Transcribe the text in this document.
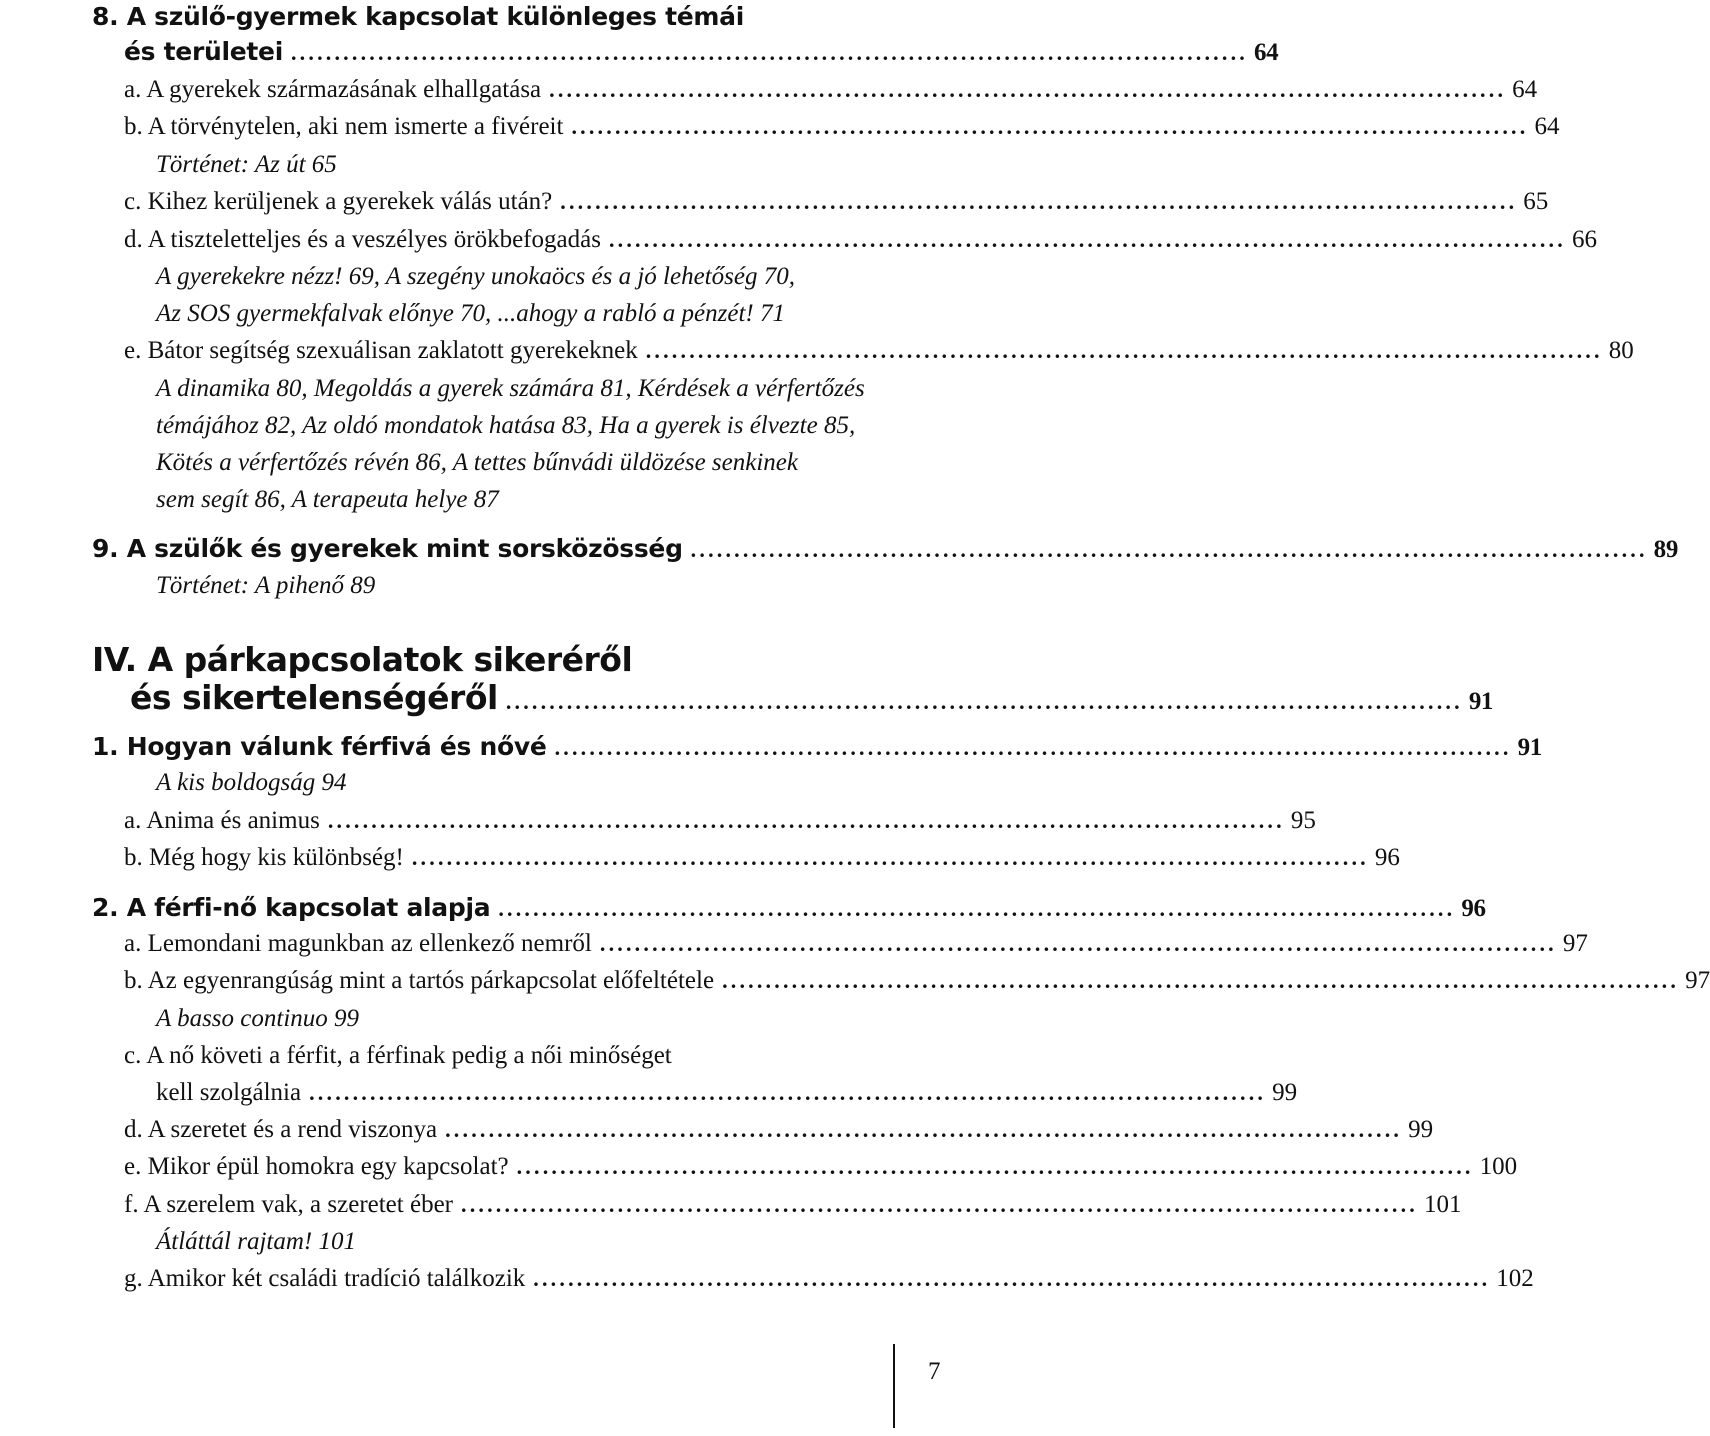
8. A szülő-gyermek kapcsolat különleges témái
és területei .............................................................................................................. 64
a. A gyerekek származásának elhallgatása .............................................................................................................. 64
b. A törvénytelen, aki nem ismerte a fivéreit .............................................................................................................. 64
Történet: Az út 65
c. Kihez kerüljenek a gyerekek válás után? .............................................................................................................. 65
d. A tiszteletteljes és a veszélyes örökbefogadás .............................................................................................................. 66
A gyerekekre nézz! 69, A szegény unokaöcs és a jó lehetőség 70,
Az SOS gyermekfalvak előnye 70, ...ahogy a rabló a pénzét! 71
e. Bátor segítség szexuálisan zaklatott gyerekeknek .............................................................................................................. 80
A dinamika 80, Megoldás a gyerek számára 81, Kérdések a vérfertőzés
témájához 82, Az oldó mondatok hatása 83, Ha a gyerek is élvezte 85,
Kötés a vérfertőzés révén 86, A tettes bűnvádi üldözése senkinek
sem segít 86, A terapeuta helye 87
9. A szülők és gyerekek mint sorsközösség .............................................................................................................. 89
Történet: A pihenő 89
IV. A párkapcsolatok sikeréről
és sikertelenségéről .............................................................................................................. 91
1. Hogyan válunk férfivá és nővé .............................................................................................................. 91
A kis boldogság 94
a. Anima és animus .............................................................................................................. 95
b. Még hogy kis különbség! .............................................................................................................. 96
2. A férfi-nő kapcsolat alapja .............................................................................................................. 96
a. Lemondani magunkban az ellenkező nemről .............................................................................................................. 97
b. Az egyenrangúság mint a tartós párkapcsolat előfeltétele .............................................................................................................. 97
A basso continuo 99
c. A nő követi a férfit, a férfinak pedig a női minőséget
kell szolgálnia .............................................................................................................. 99
d. A szeretet és a rend viszonya .............................................................................................................. 99
e. Mikor épül homokra egy kapcsolat? .............................................................................................................. 100
f. A szerelem vak, a szeretet éber .............................................................................................................. 101
Átláttál rajtam! 101
g. Amikor két családi tradíció találkozik .............................................................................................................. 102
7
